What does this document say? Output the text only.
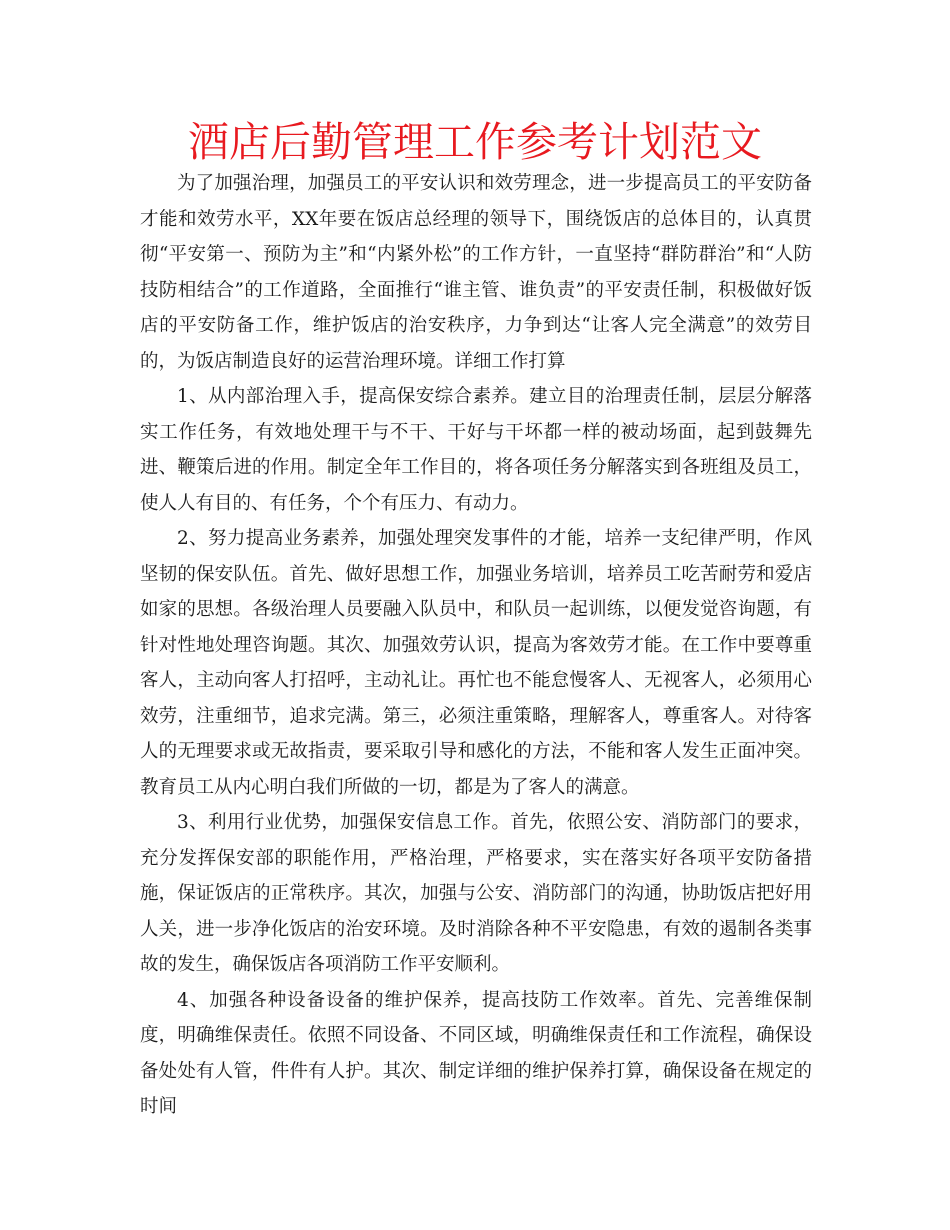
酒店后勤管理工作参考计划范文

为了加强治理，加强员工的平安认识和效劳理念，进一步提高员工的平安防备才能和效劳水平，XX年要在饭店总经理的领导下，围绕饭店的总体目的，认真贯彻“平安第一、预防为主”和“内紧外松”的工作方针，一直坚持“群防群治”和“人防技防相结合”的工作道路，全面推行“谁主管、谁负责”的平安责任制，积极做好饭店的平安防备工作，维护饭店的治安秩序，力争到达“让客人完全满意”的效劳目的，为饭店制造良好的运营治理环境。详细工作打算

1、从内部治理入手，提高保安综合素养。建立目的治理责任制，层层分解落实工作任务，有效地处理干与不干、干好与干坏都一样的被动场面，起到鼓舞先进、鞭策后进的作用。制定全年工作目的，将各项任务分解落实到各班组及员工，使人人有目的、有任务，个个有压力、有动力。

2、努力提高业务素养，加强处理突发事件的才能，培养一支纪律严明，作风坚韧的保安队伍。首先、做好思想工作，加强业务培训，培养员工吃苦耐劳和爱店如家的思想。各级治理人员要融入队员中，和队员一起训练，以便发觉咨询题，有针对性地处理咨询题。其次、加强效劳认识，提高为客效劳才能。在工作中要尊重客人，主动向客人打招呼，主动礼让。再忙也不能怠慢客人、无视客人，必须用心效劳，注重细节，追求完满。第三，必须注重策略，理解客人，尊重客人。对待客人的无理要求或无故指责，要采取引导和感化的方法，不能和客人发生正面冲突。教育员工从内心明白我们所做的一切，都是为了客人的满意。

3、利用行业优势，加强保安信息工作。首先，依照公安、消防部门的要求，充分发挥保安部的职能作用，严格治理，严格要求，实在落实好各项平安防备措施，保证饭店的正常秩序。其次，加强与公安、消防部门的沟通，协助饭店把好用人关，进一步净化饭店的治安环境。及时消除各种不平安隐患，有效的遏制各类事故的发生，确保饭店各项消防工作平安顺利。

4、加强各种设备设备的维护保养，提高技防工作效率。首先、完善维保制度，明确维保责任。依照不同设备、不同区域，明确维保责任和工作流程，确保设备处处有人管，件件有人护。其次、制定详细的维护保养打算，确保设备在规定的时间
